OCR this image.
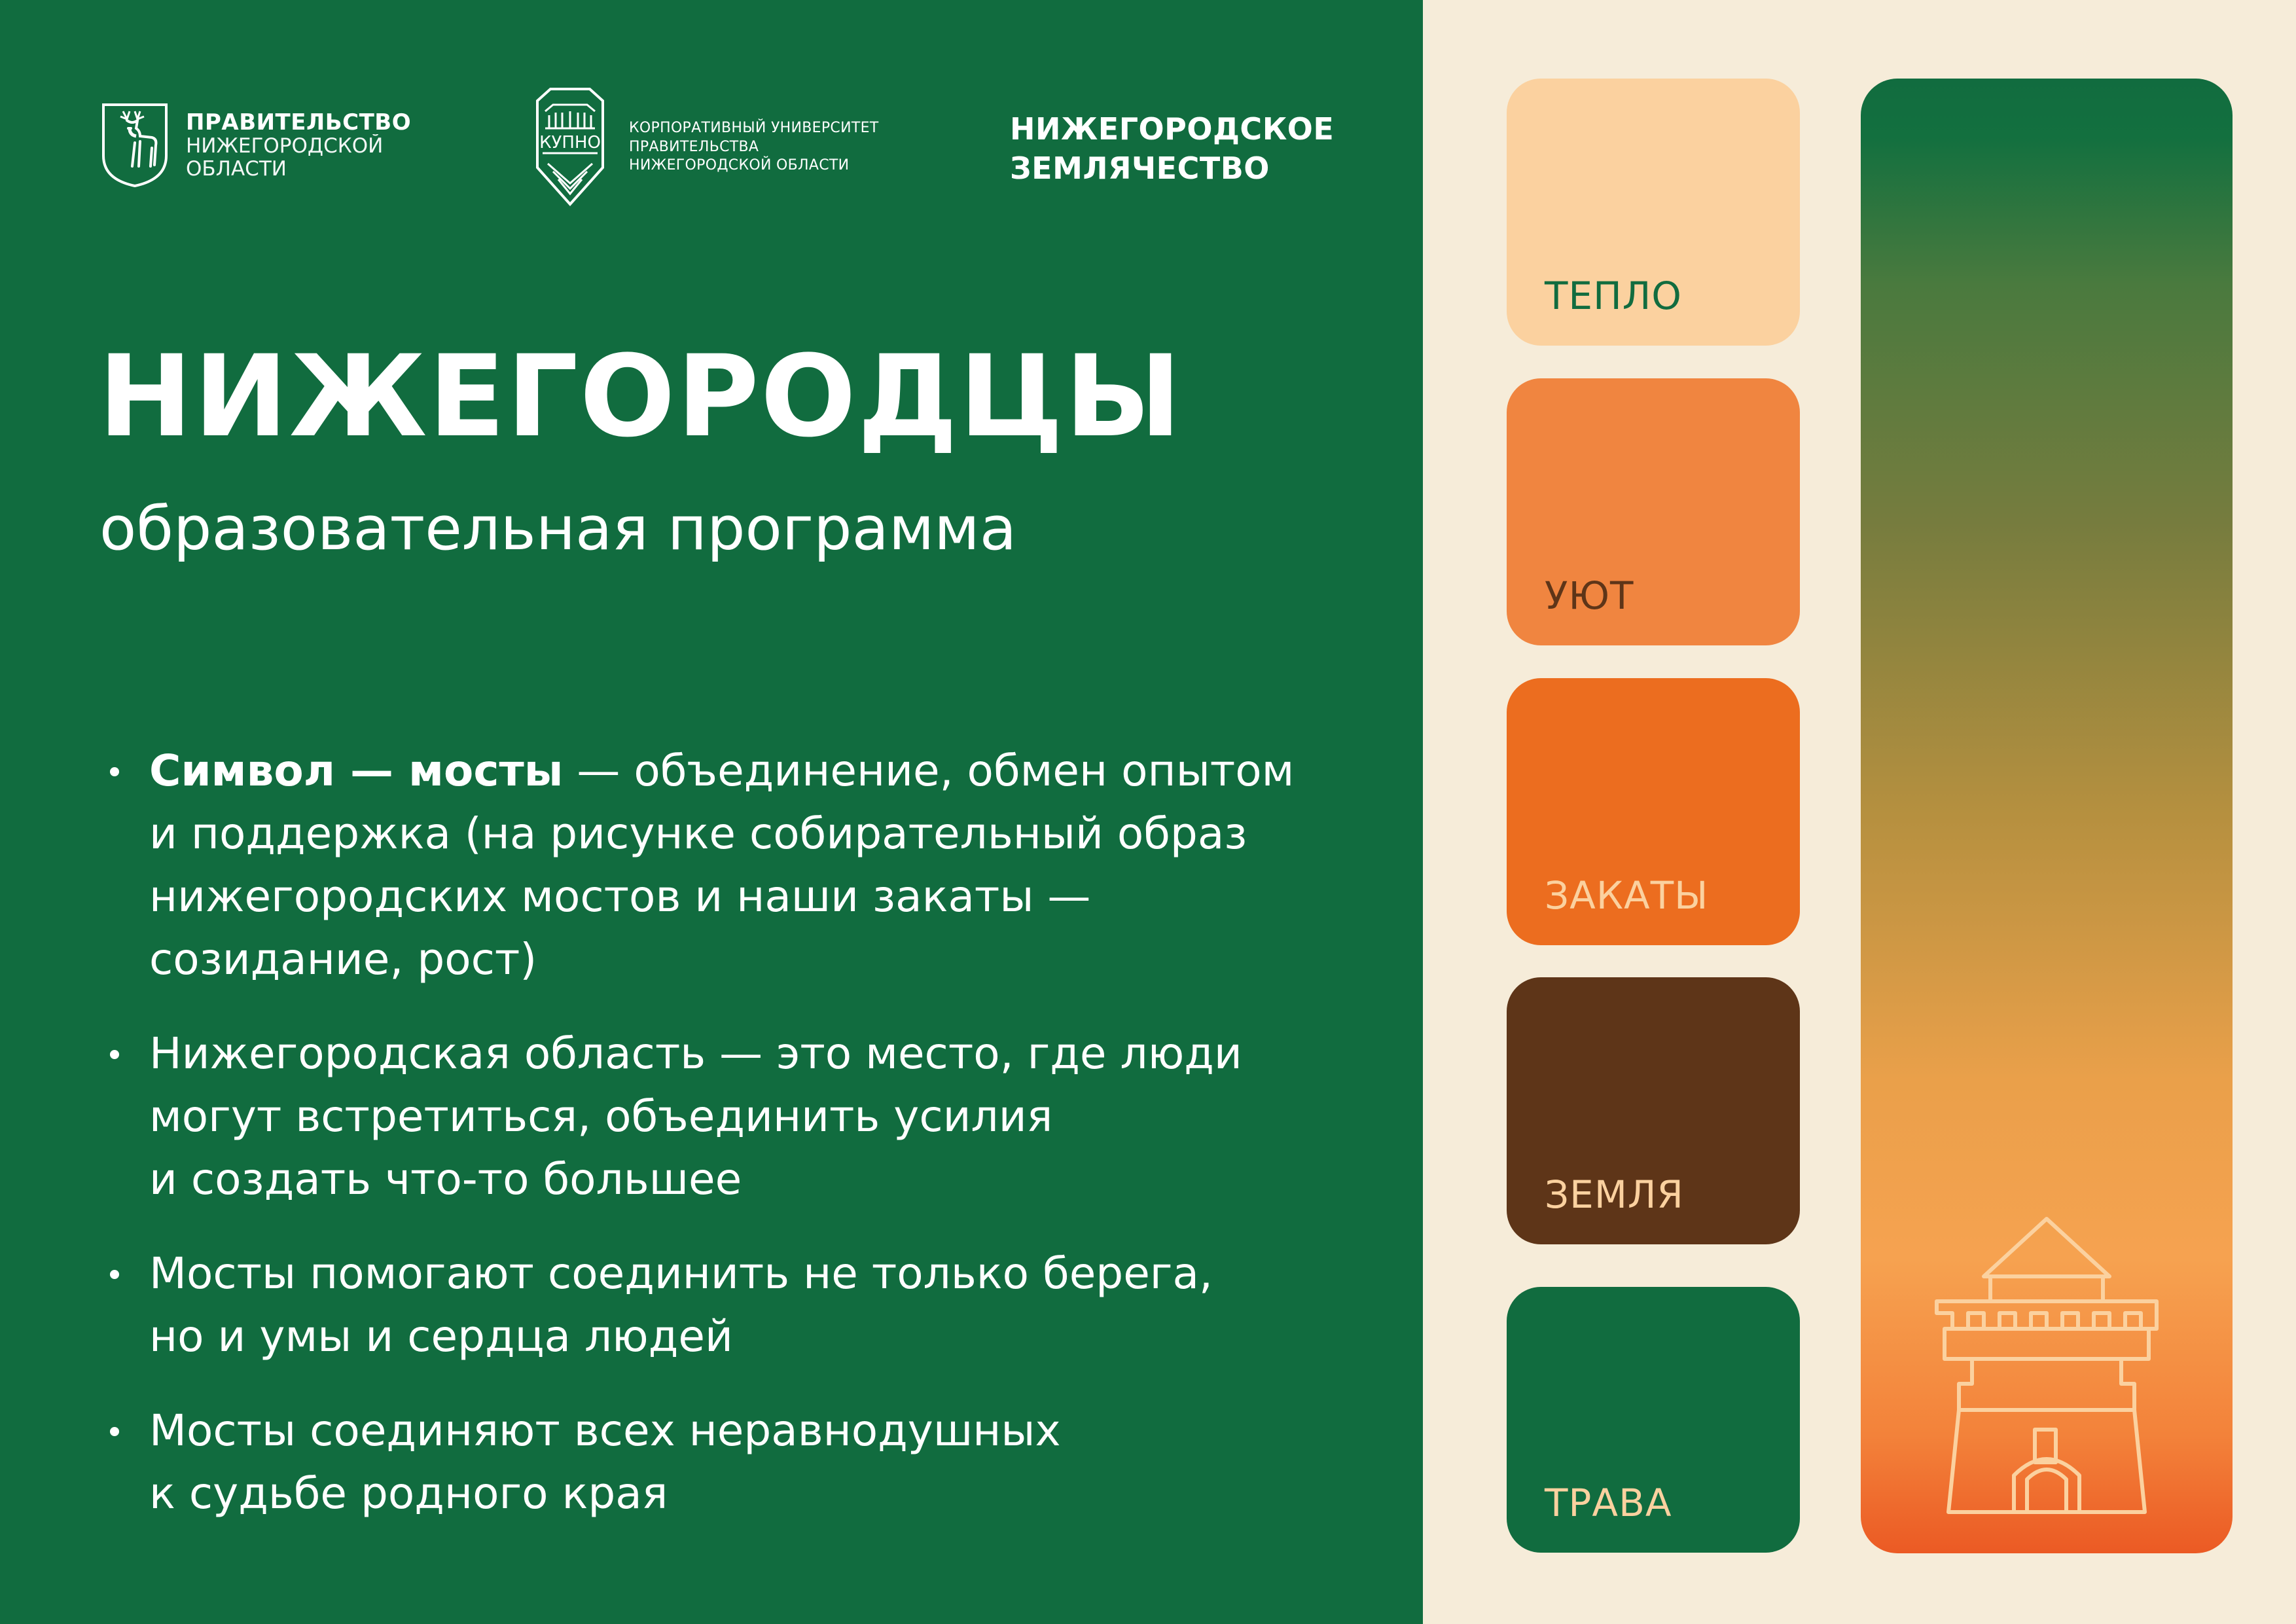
ПРАВИТЕЛЬСТВО
НИЖЕГОРОДСКОЙ
ОБЛАСТИ
КУПНО
КОРПОРАТИВНЫЙ УНИВЕРСИТЕТ
ПРАВИТЕЛЬСТВА
НИЖЕГОРОДСКОЙ ОБЛАСТИ
НИЖЕГОРОДСКОЕ
ЗЕМЛЯЧЕСТВО
НИЖЕГОРОДЦЫ

образовательная программа

Символ — мосты — объединение, обмен опытом
и поддержка (на рисунке собирательный образ
нижегородских мостов и наши закаты —
созидание, рост)
Нижегородская область — это место, где люди
могут встретиться, объединить усилия
и создать что-то большее
Мосты помогают соединить не только берега,
но и умы и сердца людей
Мосты соединяют всех неравнодушных
к судьбе родного края
ТЕПЛО
УЮТ
ЗАКАТЫ
ЗЕМЛЯ
ТРАВА
